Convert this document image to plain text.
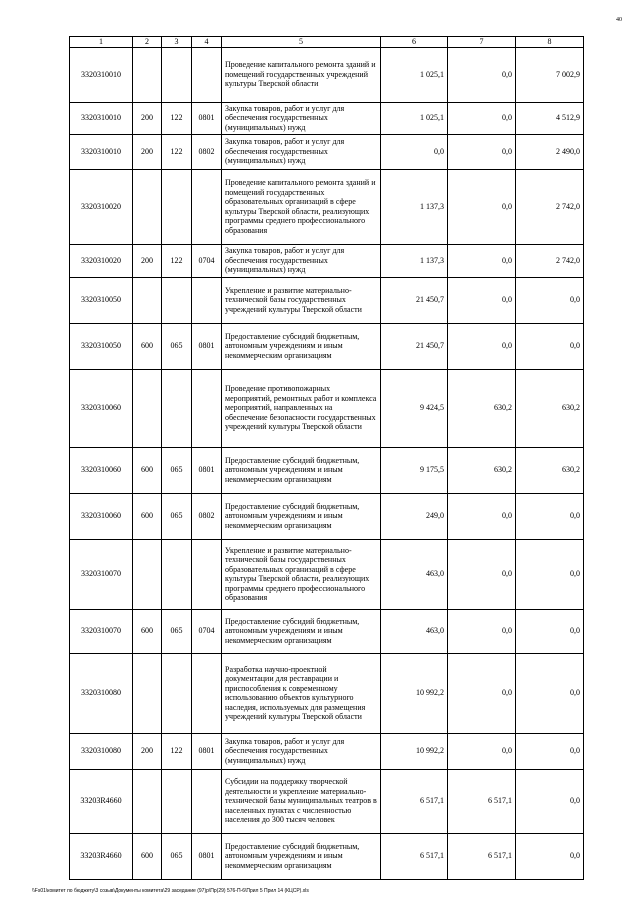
40
1	2	3	4	5	6	7	8
3320310010				Проведение капитального ремонта зданий и помещений государственных учреждений культуры Тверской области	1 025,1	0,0	7 002,9
3320310010	200	122	0801	Закупка товаров, работ и услуг для обеспечения государственных (муниципальных) нужд	1 025,1	0,0	4 512,9
3320310010	200	122	0802	Закупка товаров, работ и услуг для обеспечения государственных (муниципальных) нужд	0,0	0,0	2 490,0
3320310020				Проведение капитального ремонта зданий и помещений государственных образовательных организаций в сфере культуры Тверской области, реализующих программы среднего профессионального образования	1 137,3	0,0	2 742,0
3320310020	200	122	0704	Закупка товаров, работ и услуг для обеспечения государственных (муниципальных) нужд	1 137,3	0,0	2 742,0
3320310050				Укрепление и развитие материально-технической базы государственных учреждений культуры Тверской области	21 450,7	0,0	0,0
3320310050	600	065	0801	Предоставление субсидий бюджетным, автономным учреждениям и иным некоммерческим организациям	21 450,7	0,0	0,0
3320310060				Проведение противопожарных мероприятий, ремонтных работ и комплекса мероприятий, направленных на обеспечение безопасности государственных учреждений культуры Тверской области	9 424,5	630,2	630,2
3320310060	600	065	0801	Предоставление субсидий бюджетным, автономным учреждениям и иным некоммерческим организациям	9 175,5	630,2	630,2
3320310060	600	065	0802	Предоставление субсидий бюджетным, автономным учреждениям и иным некоммерческим организациям	249,0	0,0	0,0
3320310070				Укрепление и развитие материально-технической базы государственных образовательных организаций в сфере культуры Тверской области, реализующих программы среднего профессионального образования	463,0	0,0	0,0
3320310070	600	065	0704	Предоставление субсидий бюджетным, автономным учреждениям и иным некоммерческим организациям	463,0	0,0	0,0
3320310080				Разработка научно-проектной документации для реставрации и приспособления к современному использованию объектов культурного наследия, используемых для размещения учреждений культуры Тверской области	10 992,2	0,0	0,0
3320310080	200	122	0801	Закупка товаров, работ и услуг для обеспечения государственных (муниципальных) нужд	10 992,2	0,0	0,0
33203R4660				Субсидии на поддержку творческой деятельности и укрепление материально-технической базы муниципальных театров в населенных пунктах с численностью населения до 300 тысяч человек	6 517,1	6 517,1	0,0
33203R4660	600	065	0801	Предоставление субсидий бюджетным, автономным учреждениям и иным некоммерческим организациям	6 517,1	6 517,1	0,0
\\Fs01\комитет по бюджету\3 созыв\Документы комитета\29 заседание (97)р\Пр(29) 576-П-6\Прил 5 Прил 14 (КЦСР).xls
